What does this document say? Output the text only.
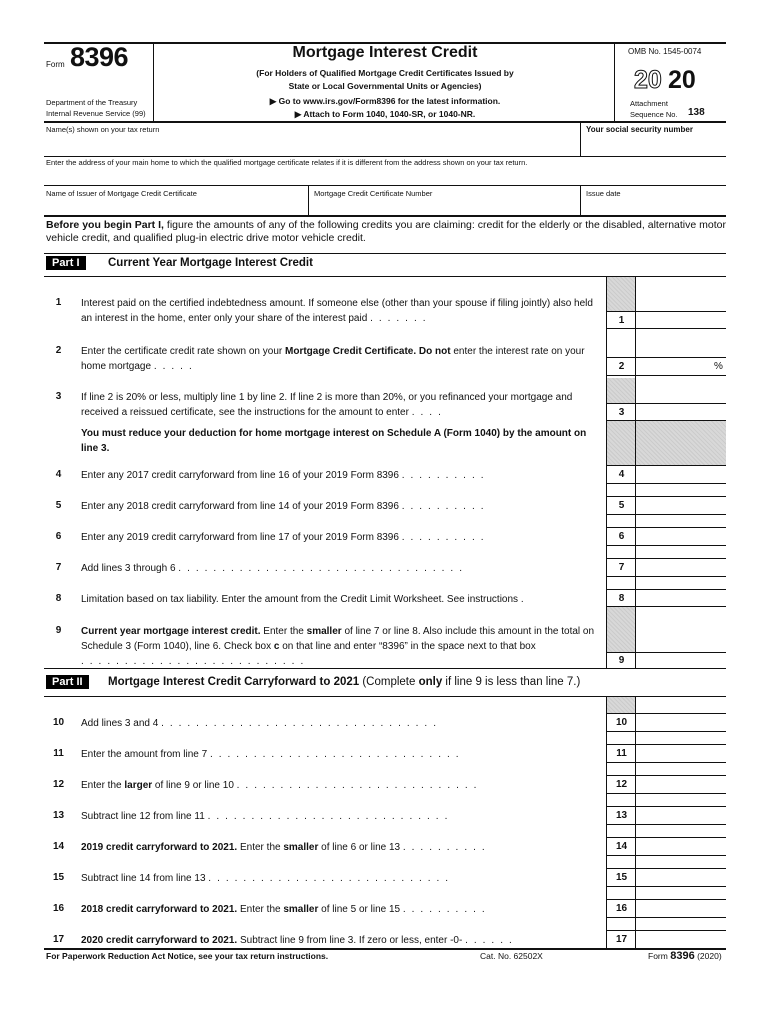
Form 8396
Department of the Treasury
Internal Revenue Service (99)
Mortgage Interest Credit
(For Holders of Qualified Mortgage Credit Certificates Issued by
State or Local Governmental Units or Agencies)
▶ Go to www.irs.gov/Form8396 for the latest information.
▶ Attach to Form 1040, 1040-SR, or 1040-NR.
OMB No. 1545-0074
20 20
Attachment
Sequence No. 138
Name(s) shown on your tax return	Your social security number
Enter the address of your main home to which the qualified mortgage certificate relates if it is different from the address shown on your tax return.
Name of Issuer of Mortgage Credit Certificate	Mortgage Credit Certificate Number	Issue date
Before you begin Part I, figure the amounts of any of the following credits you are claiming: credit for the elderly or the disabled, alternative motor vehicle credit, and qualified plug-in electric drive motor vehicle credit.
Part I	Current Year Mortgage Interest Credit
1	Interest paid on the certified indebtedness amount. If someone else (other than your spouse if filing jointly) also held an interest in the home, enter only your share of the interest paid .......	1
2	Enter the certificate credit rate shown on your Mortgage Credit Certificate. Do not enter the interest rate on your home mortgage .....	2	%
3	If line 2 is 20% or less, multiply line 1 by line 2. If line 2 is more than 20%, or you refinanced your mortgage and received a reissued certificate, see the instructions for the amount to enter ....	3
You must reduce your deduction for home mortgage interest on Schedule A (Form 1040) by the amount on line 3.
4	Enter any 2017 credit carryforward from line 16 of your 2019 Form 8396 ..........	4
5	Enter any 2018 credit carryforward from line 14 of your 2019 Form 8396 ..........	5
6	Enter any 2019 credit carryforward from line 17 of your 2019 Form 8396 ..........	6
7	Add lines 3 through 6 .................................	7
8	Limitation based on tax liability. Enter the amount from the Credit Limit Worksheet. See instructions .	8
9	Current year mortgage interest credit. Enter the smaller of line 7 or line 8. Also include this amount in the total on Schedule 3 (Form 1040), line 6. Check box c on that line and enter “8396” in the space next to that box ..........................	9
Part II	Mortgage Interest Credit Carryforward to 2021 (Complete only if line 9 is less than line 7.)
10	Add lines 3 and 4 ................................	10
11	Enter the amount from line 7 .............................	11
12	Enter the larger of line 9 or line 10 ............................	12
13	Subtract line 12 from line 11 ............................	13
14	2019 credit carryforward to 2021. Enter the smaller of line 6 or line 13 ..........	14
15	Subtract line 14 from line 13 ............................	15
16	2018 credit carryforward to 2021. Enter the smaller of line 5 or line 15 ..........	16
17	2020 credit carryforward to 2021. Subtract line 9 from line 3. If zero or less, enter -0- ......	17
For Paperwork Reduction Act Notice, see your tax return instructions.	Cat. No. 62502X	Form 8396 (2020)
